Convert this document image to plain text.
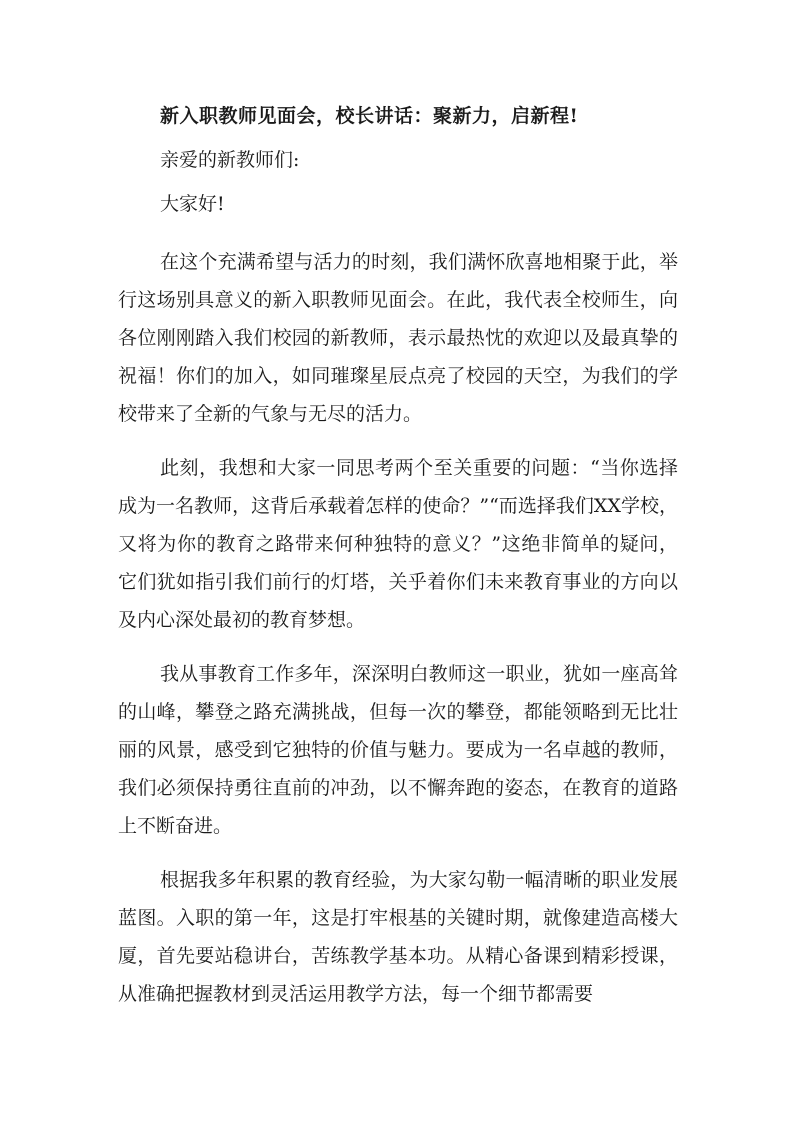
新入职教师见面会，校长讲话：聚新力，启新程!
亲爱的新教师们:
大家好!

在这个充满希望与活力的时刻，我们满怀欣喜地相聚于此，举行这场别具意义的新入职教师见面会。在此，我代表全校师生，向各位刚刚踏入我们校园的新教师，表示最热忱的欢迎以及最真挚的祝福！你们的加入，如同璀璨星辰点亮了校园的天空，为我们的学校带来了全新的气象与无尽的活力。

此刻，我想和大家一同思考两个至关重要的问题：“当你选择成为一名教师，这背后承载着怎样的使命？”“而选择我们XX学校，又将为你的教育之路带来何种独特的意义？”这绝非简单的疑问，它们犹如指引我们前行的灯塔，关乎着你们未来教育事业的方向以及内心深处最初的教育梦想。

我从事教育工作多年，深深明白教师这一职业，犹如一座高耸的山峰，攀登之路充满挑战，但每一次的攀登，都能领略到无比壮丽的风景，感受到它独特的价值与魅力。要成为一名卓越的教师，我们必须保持勇往直前的冲劲，以不懈奔跑的姿态，在教育的道路上不断奋进。

根据我多年积累的教育经验，为大家勾勒一幅清晰的职业发展蓝图。入职的第一年，这是打牢根基的关键时期，就像建造高楼大厦，首先要站稳讲台，苦练教学基本功。从精心备课到精彩授课，从准确把握教材到灵活运用教学方法，每一个细节都需要
